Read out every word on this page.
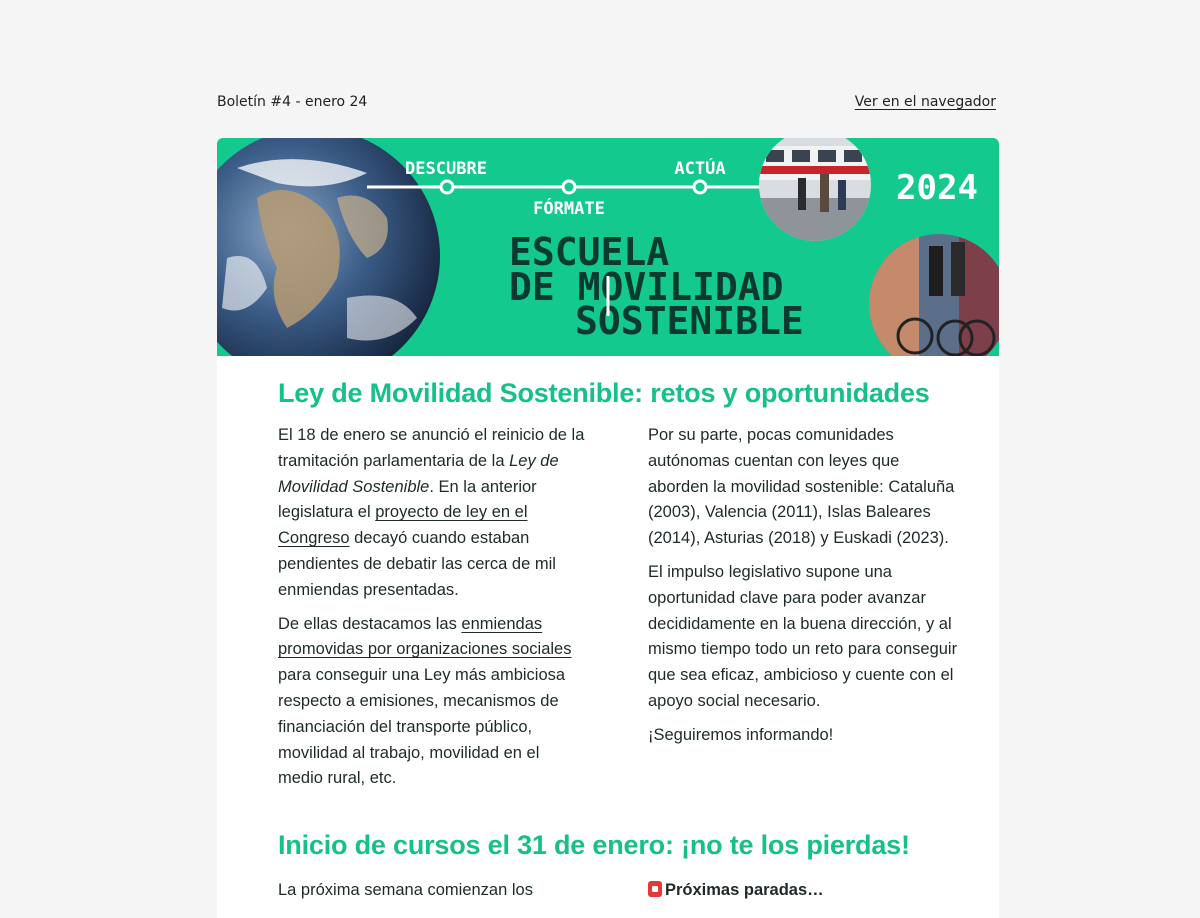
Boletín #4 - enero 24	Ver en el navegador
DESCUBRE
FÓRMATE
ACTÚA
ESCUELA
DE MOVILIDAD
SOSTENIBLE
2024
Ley de Movilidad Sostenible: retos y oportunidades

El 18 de enero se anunció el reinicio de la tramitación parlamentaria de la Ley de Movilidad Sostenible. En la anterior legislatura el proyecto de ley en el Congreso decayó cuando estaban pendientes de debatir las cerca de mil enmiendas presentadas.

De ellas destacamos las enmiendas promovidas por organizaciones sociales para conseguir una Ley más ambiciosa respecto a emisiones, mecanismos de financiación del transporte público, movilidad al trabajo, movilidad en el medio rural, etc.

Por su parte, pocas comunidades autónomas cuentan con leyes que aborden la movilidad sostenible: Cataluña (2003), Valencia (2011), Islas Baleares (2014), Asturias (2018) y Euskadi (2023).

El impulso legislativo supone una oportunidad clave para poder avanzar decididamente en la buena dirección, y al mismo tiempo todo un reto para conseguir que sea eficaz, ambicioso y cuente con el apoyo social necesario.

¡Seguiremos informando!

Inicio de cursos el 31 de enero: ¡no te los pierdas!
La próxima semana comienzan los	Próximas paradas…
